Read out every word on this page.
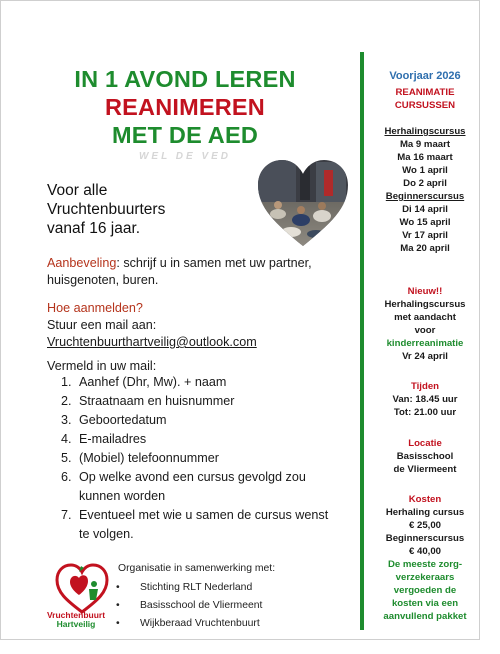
IN 1 AVOND LEREN
REANIMEREN
MET DE AED
WEL DE VED
Voor alle
Vruchtenbuurters
vanaf 16 jaar.
Aanbeveling: schrijf u in samen met uw partner, huisgenoten, buren.
Hoe aanmelden?
Stuur een mail aan:
Vruchtenbuurthartveilig@outlook.com
Vermeld in uw mail:
1. Aanhef (Dhr, Mw). + naam
2. Straatnaam en huisnummer
3. Geboortedatum
4. E-mailadres
5. (Mobiel) telefoonnummer
6. Op welke avond een cursus gevolgd zou kunnen worden
7. Eventueel met wie u samen de cursus wenst te volgen.
Vruchtenbuurt
Hartveilig
Organisatie in samenwerking met:
• Stichting RLT Nederland
• Basisschool de Vliermeent
• Wijkberaad Vruchtenbuurt
Voorjaar 2026
REANIMATIE
CURSUSSEN
Herhalingscursus
Ma 9 maart
Ma 16 maart
Wo 1 april
Do 2 april
Beginnerscursus
Di 14 april
Wo 15 april
Vr 17 april
Ma 20 april
Nieuw!!
Herhalingscursus
met aandacht
voor
kinderreanimatie
Vr 24 april
Tijden
Van: 18.45 uur
Tot: 21.00 uur
Locatie
Basisschool
de Vliermeent
Kosten
Herhaling cursus
€ 25,00
Beginnerscursus
€ 40,00
De meeste zorg-
verzekeraars
vergoeden de
kosten via een
aanvullend pakket
